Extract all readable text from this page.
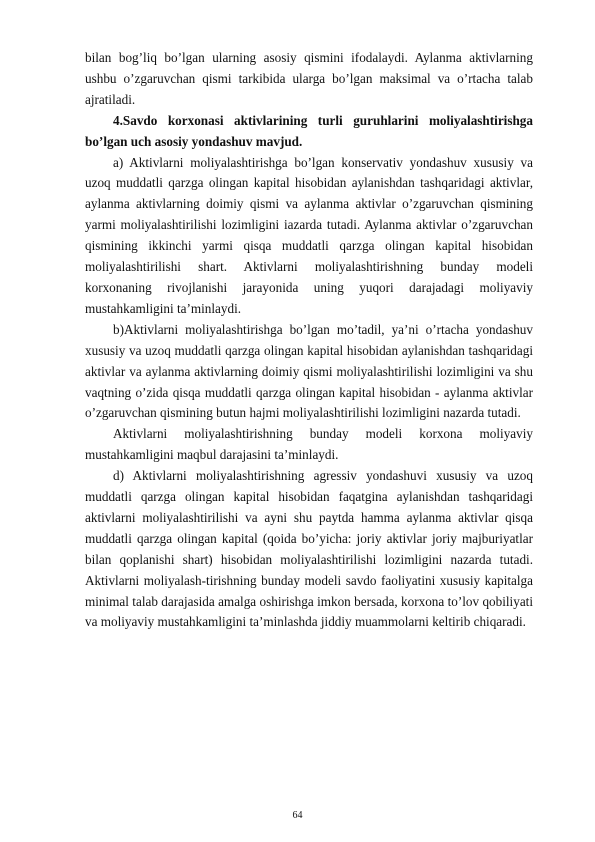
bilan bog’liq bo’lgan ularning asosiy qismini ifodalaydi. Aylanma aktivlarning ushbu o’zgaruvchan qismi tarkibida ularga bo’lgan maksimal va o’rtacha talab ajratiladi.

4.Savdo korxonasi aktivlarining turli guruhlarini moliyalashtirishga bo’lgan uch asosiy yondashuv mavjud.

a) Aktivlarni moliyalashtirishga bo’lgan konservativ yondashuv xususiy va uzoq muddatli qarzga olingan kapital hisobidan aylanishdan tashqaridagi aktivlar, aylanma aktivlarning doimiy qismi va aylanma aktivlar o’zgaruvchan qismining yarmi moliyalashtirilishi lozimligini iazarda tutadi. Aylanma aktivlar o’zgaruvchan qismining ikkinchi yarmi qisqa muddatli qarzga olingan kapital hisobidan moliyalashtirilishi shart. Aktivlarni moliyalashtirishning bunday modeli korxonaning rivojlanishi jarayonida uning yuqori darajadagi moliyaviy mustahkamligini ta’minlaydi.

b)Aktivlarni moliyalashtirishga bo’lgan mo’tadil, ya’ni o’rtacha yondashuv xususiy va uzoq muddatli qarzga olingan kapital hisobidan aylanishdan tashqaridagi aktivlar va aylanma aktivlarning doimiy qismi moliyalashtirilishi lozimligini va shu vaqtning o’zida qisqa muddatli qarzga olingan kapital hisobidan - aylanma aktivlar o’zgaruvchan qismining butun hajmi moliyalashtirilishi lozimligini nazarda tutadi.

Aktivlarni moliyalashtirishning bunday modeli korxona moliyaviy mustahkamligini maqbul darajasini ta’minlaydi.

d) Aktivlarni moliyalashtirishning agressiv yondashuvi xususiy va uzoq muddatli qarzga olingan kapital hisobidan faqatgina aylanishdan tashqaridagi aktivlarni moliyalashtirilishi va ayni shu paytda hamma aylanma aktivlar qisqa muddatli qarzga olingan kapital (qoida bo’yicha: joriy aktivlar joriy majburiyatlar bilan qoplanishi shart) hisobidan moliyalashtirilishi lozimligini nazarda tutadi. Aktivlarni moliyalash-tirishning bunday modeli savdo faoliyatini xususiy kapitalga minimal talab darajasida amalga oshirishga imkon bersada, korxona to’lov qobiliyati va moliyaviy mustahkamligini ta’minlashda jiddiy muammolarni keltirib chiqaradi.

64
